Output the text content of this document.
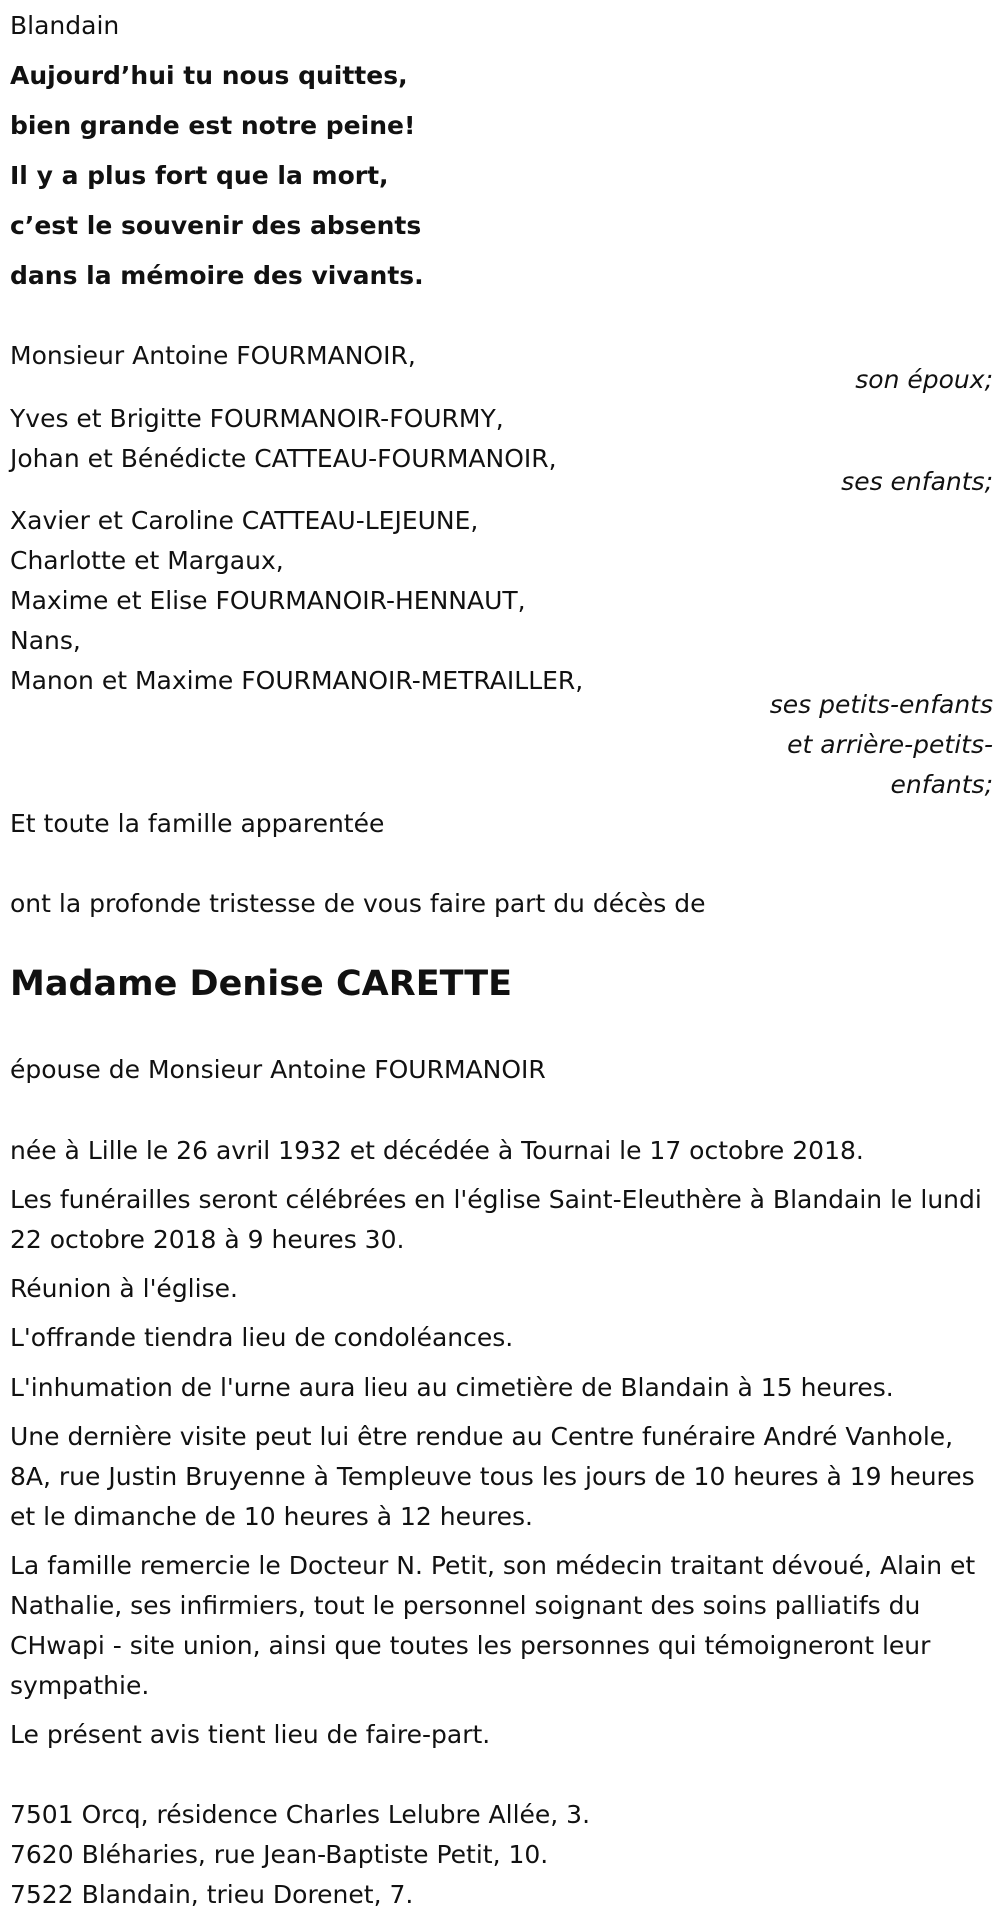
Blandain
Aujourd’hui tu nous quittes,
bien grande est notre peine!
Il y a plus fort que la mort,
c’est le souvenir des absents
dans la mémoire des vivants.
Monsieur Antoine FOURMANOIR,
son époux;
Yves et Brigitte FOURMANOIR-FOURMY,
Johan et Bénédicte CATTEAU-FOURMANOIR,
ses enfants;
Xavier et Caroline CATTEAU-LEJEUNE,
Charlotte et Margaux,
Maxime et Elise FOURMANOIR-HENNAUT,
Nans,
Manon et Maxime FOURMANOIR-METRAILLER,
ses petits-enfants
et arrière-petits-
enfants;
Et toute la famille apparentée
ont la profonde tristesse de vous faire part du décès de
Madame Denise CARETTE
épouse de Monsieur Antoine FOURMANOIR
née à Lille le 26 avril 1932 et décédée à Tournai le 17 octobre 2018.
Les funérailles seront célébrées en l'église Saint-Eleuthère à Blandain le lundi 22 octobre 2018 à 9 heures 30.
Réunion à l'église.
L'offrande tiendra lieu de condoléances.
L'inhumation de l'urne aura lieu au cimetière de Blandain à 15 heures.
Une dernière visite peut lui être rendue au Centre funéraire André Vanhole, 8A, rue Justin Bruyenne à Templeuve tous les jours de 10 heures à 19 heures et le dimanche de 10 heures à 12 heures.
La famille remercie le Docteur N. Petit, son médecin traitant dévoué, Alain et Nathalie, ses infirmiers, tout le personnel soignant des soins palliatifs du CHwapi - site union, ainsi que toutes les personnes qui témoigneront leur sympathie.
Le présent avis tient lieu de faire-part.
7501 Orcq, résidence Charles Lelubre Allée, 3.
7620 Bléharies, rue Jean-Baptiste Petit, 10.
7522 Blandain, trieu Dorenet, 7.
